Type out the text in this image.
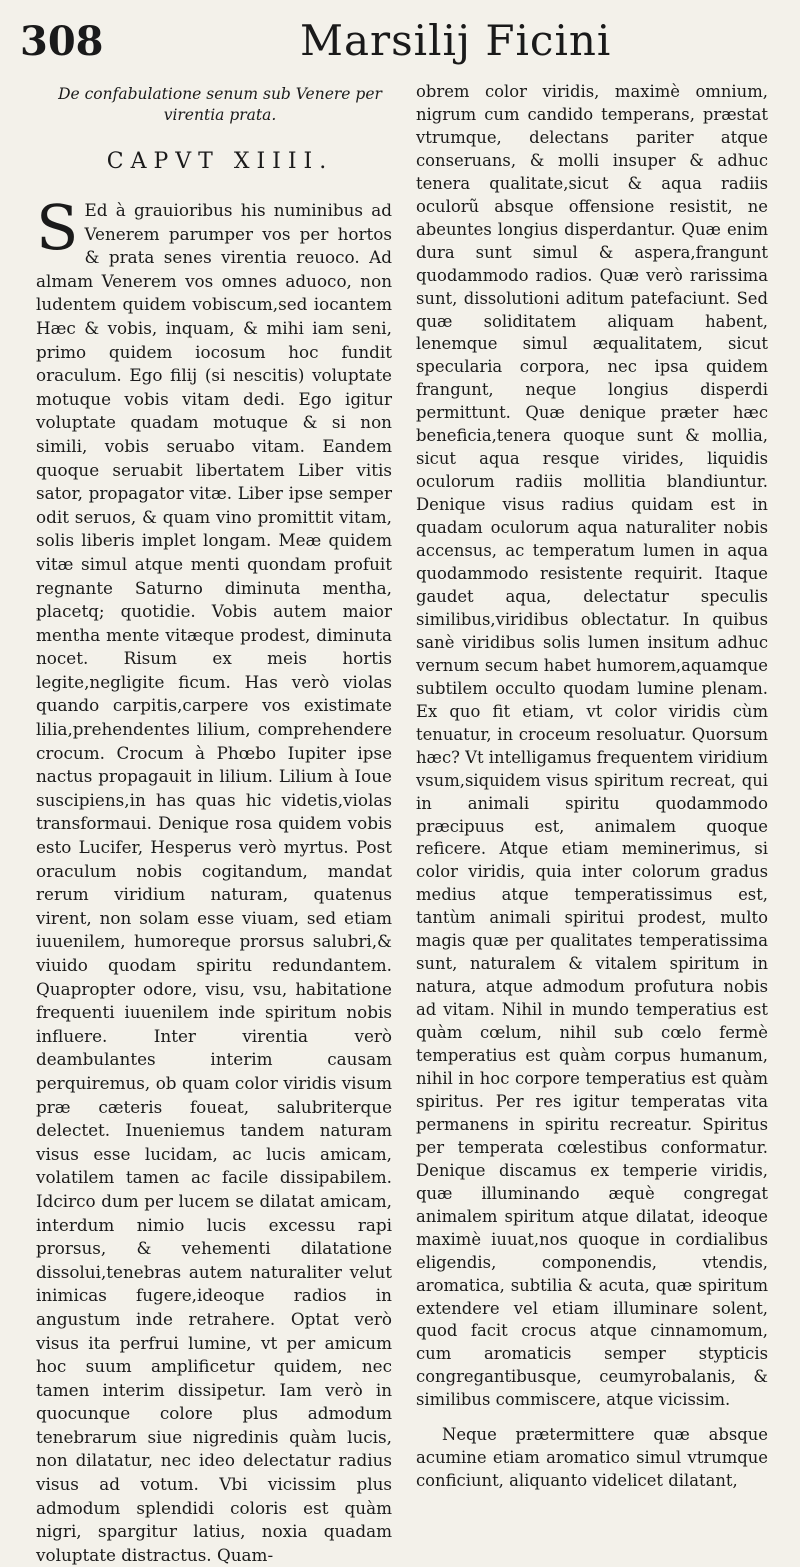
308	Marsilij Ficini
De confabulatione senum sub Venere per virentia prata.
CAPVT XIIII.
S Ed à grauioribus his numinibus ad Venerem parumper vos per hortos & prata senes virentia reuoco. Ad almam Venerem vos omnes aduoco, non ludentem quidem vobiscum,sed iocantem Hæc & vobis, inquam, & mihi iam seni, primo quidem iocosum hoc fundit oraculum. Ego filij (si nescitis) voluptate motuque vobis vitam dedi. Ego igitur voluptate quadam motuque & si non simili, vobis seruabo vitam. Eandem quoque seruabit libertatem Liber vitis sator, propagator vitæ. Liber ipse semper odit seruos, & quam vino promittit vitam, solis liberis implet longam. Meæ quidem vitæ simul atque menti quondam profuit regnante Saturno diminuta mentha, placetq; quotidie. Vobis autem maior mentha mente vitæque prodest, diminuta nocet. Risum ex meis hortis legite,negligite ficum. Has verò violas quando carpitis,carpere vos existimate lilia,prehendentes lilium, comprehendere crocum. Crocum à Phœbo Iupiter ipse nactus propagauit in lilium. Lilium à Ioue suscipiens,in has quas hic videtis,violas transformaui. Denique rosa quidem vobis esto Lucifer, Hesperus verò myrtus. Post oraculum nobis cogitandum, mandat rerum viridium naturam, quatenus virent, non solam esse viuam, sed etiam iuuenilem, humoreque prorsus salubri,& viuido quodam spiritu redundantem. Quapropter odore, visu, vsu, habitatione frequenti iuuenilem inde spiritum nobis influere. Inter virentia verò deambulantes interim causam perquiremus, ob quam color viridis visum præ cæteris foueat, salubriterque delectet. Inueniemus tandem naturam visus esse lucidam, ac lucis amicam, volatilem tamen ac facile dissipabilem. Idcirco dum per lucem se dilatat amicam, interdum nimio lucis excessu rapi prorsus, & vehementi dilatatione dissolui,tenebras autem naturaliter velut inimicas fugere,ideoque radios in angustum inde retrahere. Optat verò visus ita perfrui lumine, vt per amicum hoc suum amplificetur quidem, nec tamen interim dissipetur. Iam verò in quocunque colore plus admodum tenebrarum siue nigredinis quàm lucis, non dilatatur, nec ideo delectatur radius visus ad votum. Vbi vicissim plus admodum splendidi coloris est quàm nigri, spargitur latius, noxia quadam voluptate distractus. Quam-
obrem color viridis, maximè omnium, nigrum cum candido temperans, præstat vtrumque, delectans pariter atque conseruans, & molli insuper & adhuc tenera qualitate,sicut & aqua radiis oculorũ absque offensione resistit, ne abeuntes longius disperdantur. Quæ enim dura sunt simul & aspera,frangunt quodammodo radios. Quæ verò rarissima sunt, dissolutioni aditum patefaciunt. Sed quæ soliditatem aliquam habent, lenemque simul æqualitatem, sicut specularia corpora, nec ipsa quidem frangunt, neque longius disperdi permittunt. Quæ denique præter hæc beneficia,tenera quoque sunt & mollia, sicut aqua resque virides, liquidis oculorum radiis mollitia blandiuntur. Denique visus radius quidam est in quadam oculorum aqua naturaliter nobis accensus, ac temperatum lumen in aqua quodammodo resistente requirit. Itaque gaudet aqua, delectatur speculis similibus,viridibus oblectatur. In quibus sanè viridibus solis lumen insitum adhuc vernum secum habet humorem,aquamque subtilem occulto quodam lumine plenam. Ex quo fit etiam, vt color viridis cùm tenuatur, in croceum resoluatur. Quorsum hæc? Vt intelligamus frequentem viridium vsum,siquidem visus spiritum recreat, qui in animali spiritu quodammodo præcipuus est, animalem quoque reficere. Atque etiam meminerimus, si color viridis, quia inter colorum gradus medius atque temperatissimus est, tantùm animali spiritui prodest, multo magis quæ per qualitates temperatissima sunt, naturalem & vitalem spiritum in natura, atque admodum profutura nobis ad vitam. Nihil in mundo temperatius est quàm cœlum, nihil sub cœlo fermè temperatius est quàm corpus humanum, nihil in hoc corpore temperatius est quàm spiritus. Per res igitur temperatas vita permanens in spiritu recreatur. Spiritus per temperata cœlestibus conformatur. Denique discamus ex temperie viridis, quæ illuminando æquè congregat animalem spiritum atque dilatat, ideoque maximè iuuat,nos quoque in cordialibus eligendis, componendis, vtendis, aromatica, subtilia & acuta, quæ spiritum extendere vel etiam illuminare solent, quod facit crocus atque cinnamomum, cum aromaticis semper stypticis congregantibusque, ceumyrobalanis, & similibus commiscere, atque vicissim.
Neque prætermittere quæ absque acumine etiam aromatico simul vtrumque conficiunt, aliquanto videlicet dilatant,
